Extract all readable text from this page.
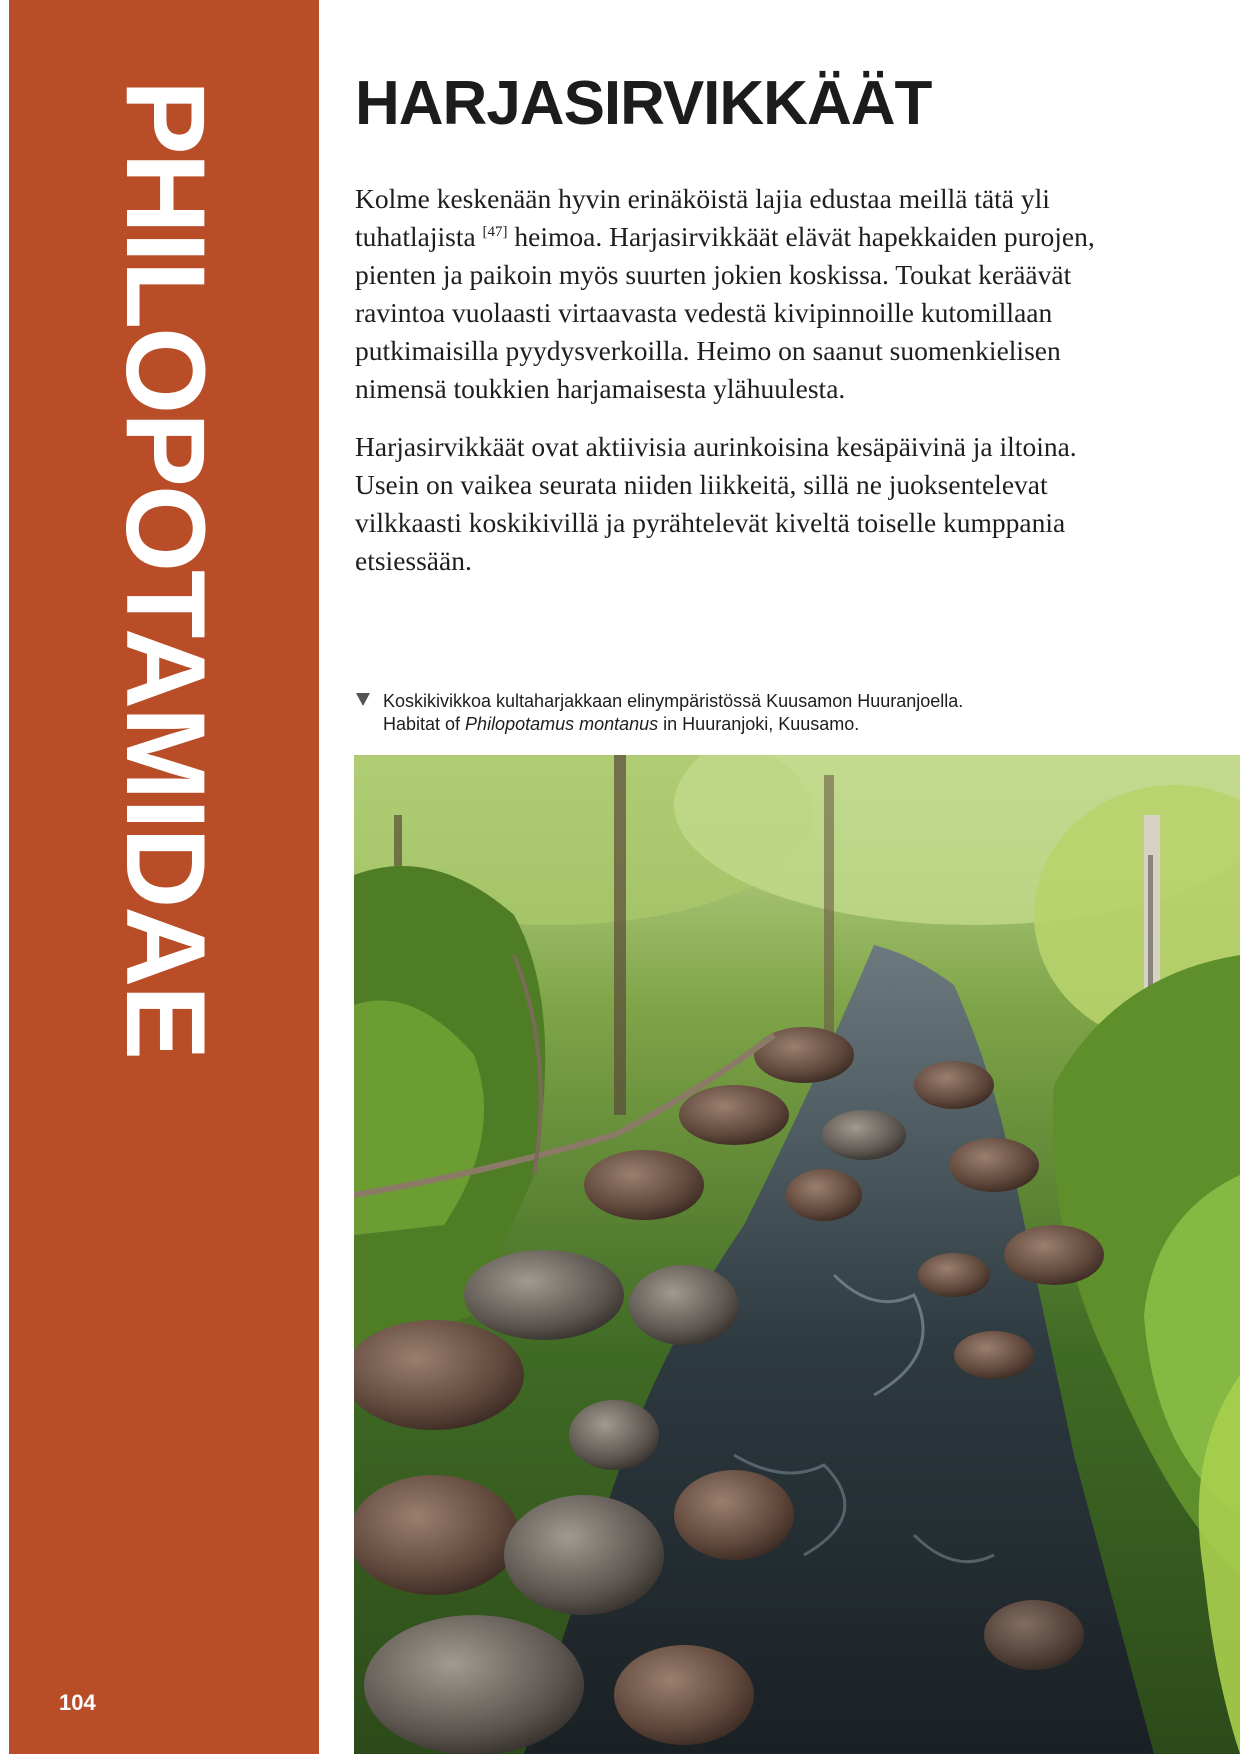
PHILOPOTAMIDAE
104
HARJASIRVIKKÄÄT

Kolme keskenään hyvin erinäköistä lajia edustaa meillä tätä yli
tuhatlajista [47] heimoa. Harjasirvikkäät elävät hapekkaiden purojen,
pienten ja paikoin myös suurten jokien koskissa. Toukat keräävät
ravintoa vuolaasti virtaavasta vedestä kivipinnoille kutomillaan
putkimaisilla pyydysverkoilla. Heimo on saanut suomenkielisen
nimensä toukkien harjamaisesta ylähuulesta.

Harjasirvikkäät ovat aktiivisia aurinkoisina kesäpäivinä ja iltoina.
Usein on vaikea seurata niiden liikkeitä, sillä ne juoksentelevat
vilkkaasti koskikivillä ja pyrähtelevät kiveltä toiselle kumppania
etsiessään.

Koskikivikkoa kultaharjakkaan elinympäristössä Kuusamon Huuranjoella.
Habitat of Philopotamus montanus in Huuranjoki, Kuusamo.
